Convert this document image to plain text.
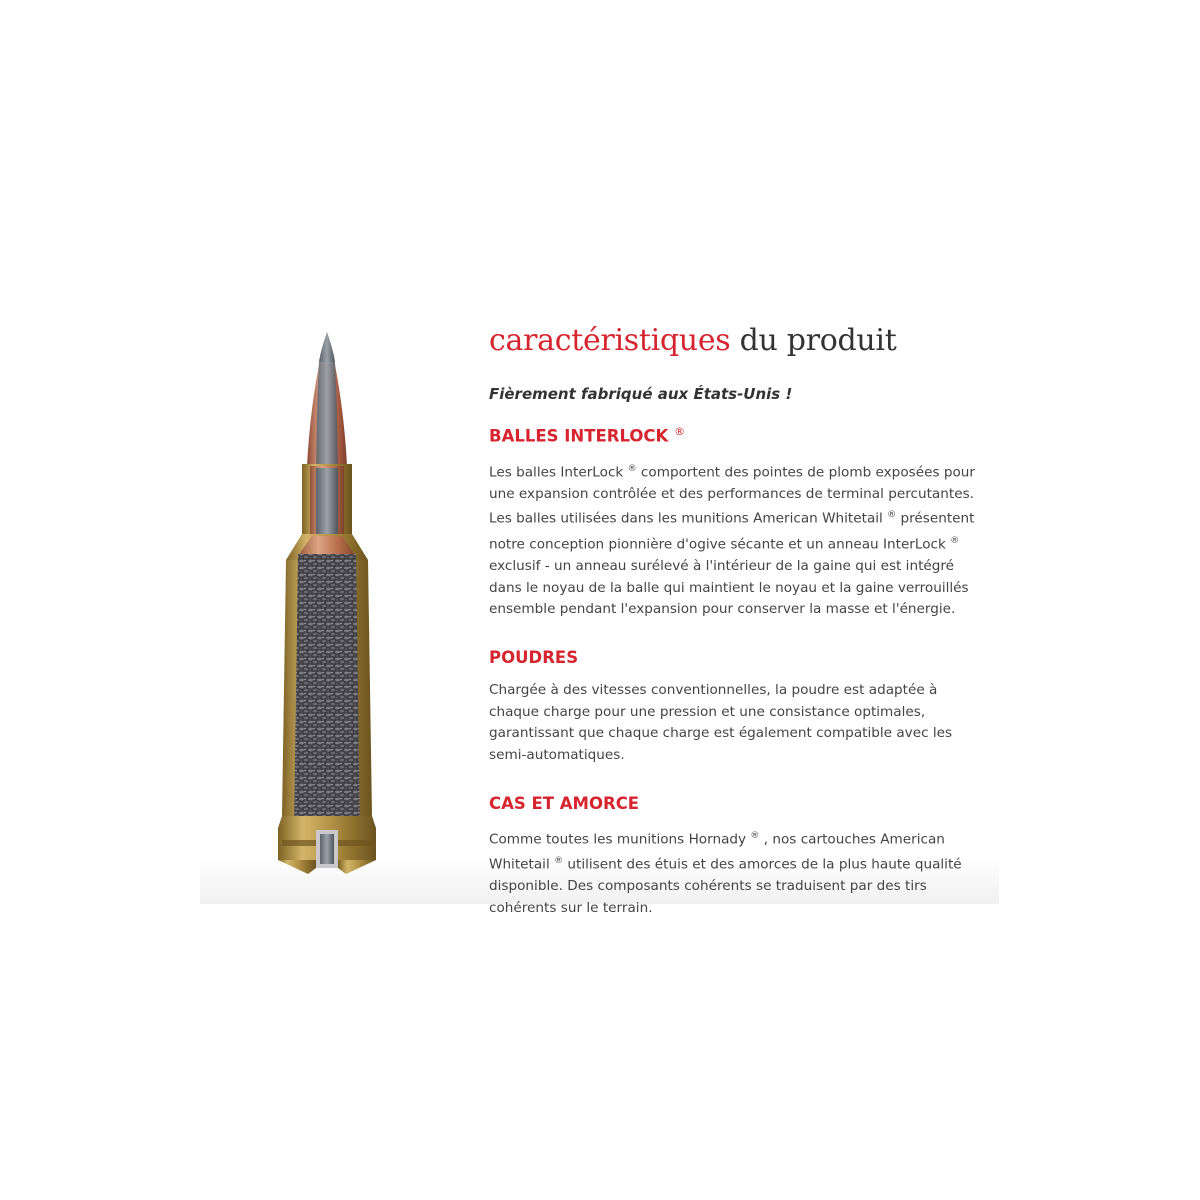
caractéristiques du produit
Fièrement fabriqué aux États-Unis !
BALLES INTERLOCK ®

Les balles InterLock ® comportent des pointes de plomb exposées pour une expansion contrôlée et des performances de terminal percutantes. Les balles utilisées dans les munitions American Whitetail ® présentent notre conception pionnière d'ogive sécante et un anneau InterLock ® exclusif - un anneau surélevé à l'intérieur de la gaine qui est intégré dans le noyau de la balle qui maintient le noyau et la gaine verrouillés ensemble pendant l'expansion pour conserver la masse et l'énergie.

POUDRES

Chargée à des vitesses conventionnelles, la poudre est adaptée à chaque charge pour une pression et une consistance optimales, garantissant que chaque charge est également compatible avec les semi-automatiques.

CAS ET AMORCE

Comme toutes les munitions Hornady ® , nos cartouches American Whitetail ® utilisent des étuis et des amorces de la plus haute qualité disponible. Des composants cohérents se traduisent par des tirs cohérents sur le terrain.
